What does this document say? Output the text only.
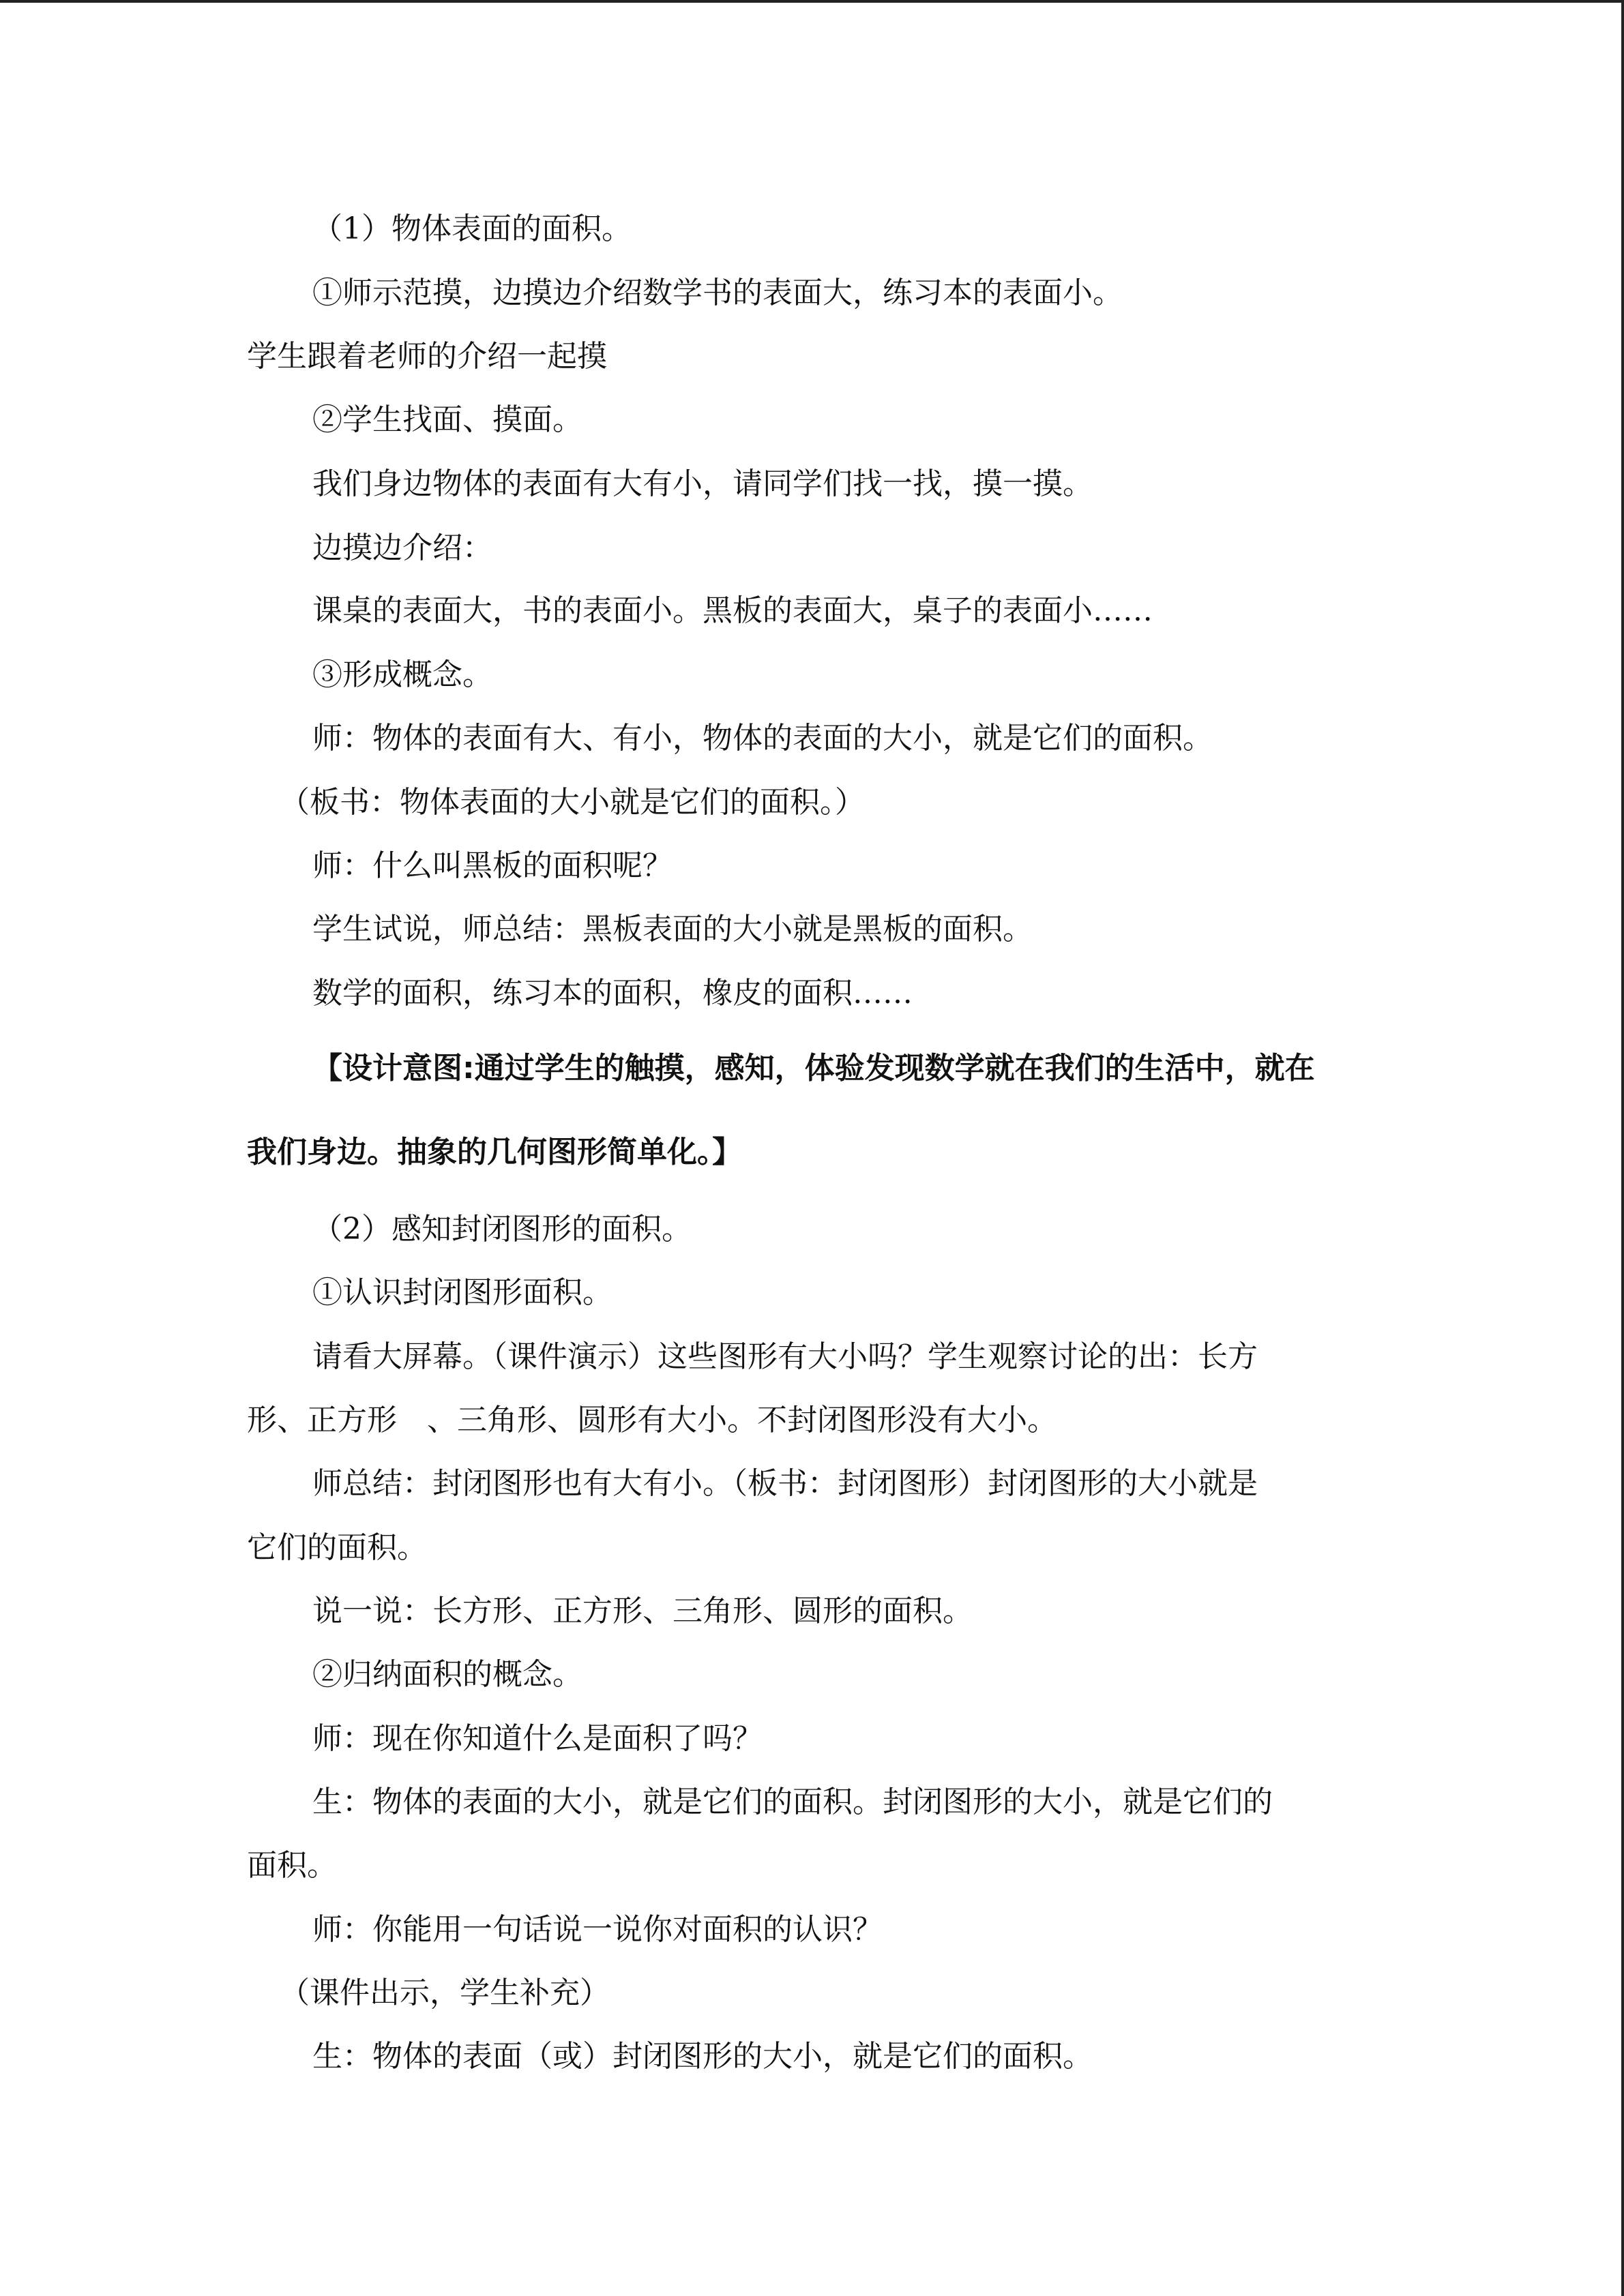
（1）物体表面的面积。
①师示范摸，边摸边介绍数学书的表面大，练习本的表面小。
学生跟着老师的介绍一起摸
②学生找面、摸面。
我们身边物体的表面有大有小，请同学们找一找，摸一摸。
边摸边介绍：
课桌的表面大，书的表面小。黑板的表面大，桌子的表面小……
③形成概念。
师：物体的表面有大、有小，物体的表面的大小，就是它们的面积。
（板书：物体表面的大小就是它们的面积。）
师：什么叫黑板的面积呢？
学生试说，师总结：黑板表面的大小就是黑板的面积。
数学的面积，练习本的面积，橡皮的面积……
【设计意图:通过学生的触摸，感知，体验发现数学就在我们的生活中，就在
我们身边。抽象的几何图形简单化。】
（2）感知封闭图形的面积。
①认识封闭图形面积。
请看大屏幕。（课件演示）这些图形有大小吗？学生观察讨论的出：长方
形、正方形　、三角形、圆形有大小。不封闭图形没有大小。
师总结：封闭图形也有大有小。（板书：封闭图形）封闭图形的大小就是
它们的面积。
说一说：长方形、正方形、三角形、圆形的面积。
②归纳面积的概念。
师：现在你知道什么是面积了吗？
生：物体的表面的大小，就是它们的面积。封闭图形的大小，就是它们的
面积。
师：你能用一句话说一说你对面积的认识？
（课件出示，学生补充）
生：物体的表面（或）封闭图形的大小，就是它们的面积。
